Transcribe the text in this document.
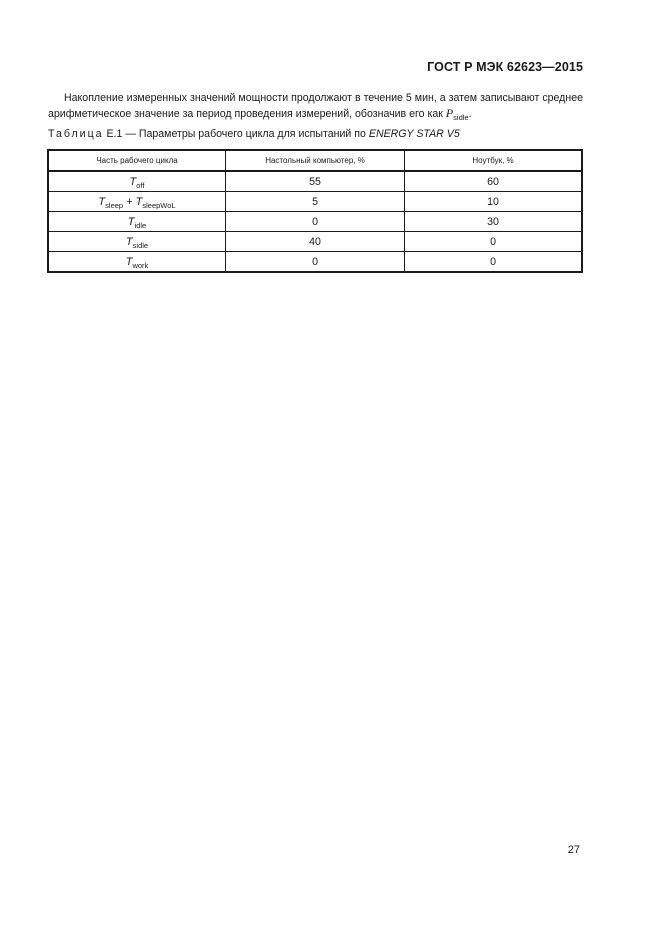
ГОСТ Р МЭК 62623—2015
Накопление измеренных значений мощности продолжают в течение 5 мин, а затем записывают среднее
арифметическое значение за период проведения измерений, обозначив его как $P_{sidle}$.
Таблица Е.1 — Параметры рабочего цикла для испытаний по ENERGY STAR V5
Часть рабочего цикла	Настольный компьютер, %	Ноутбук, %
$T_{off}$	55	60
$T_{sleep} + T_{sleepWoL}$	5	10
$T_{idle}$	0	30
$T_{sidle}$	40	0
$T_{work}$	0	0
27
